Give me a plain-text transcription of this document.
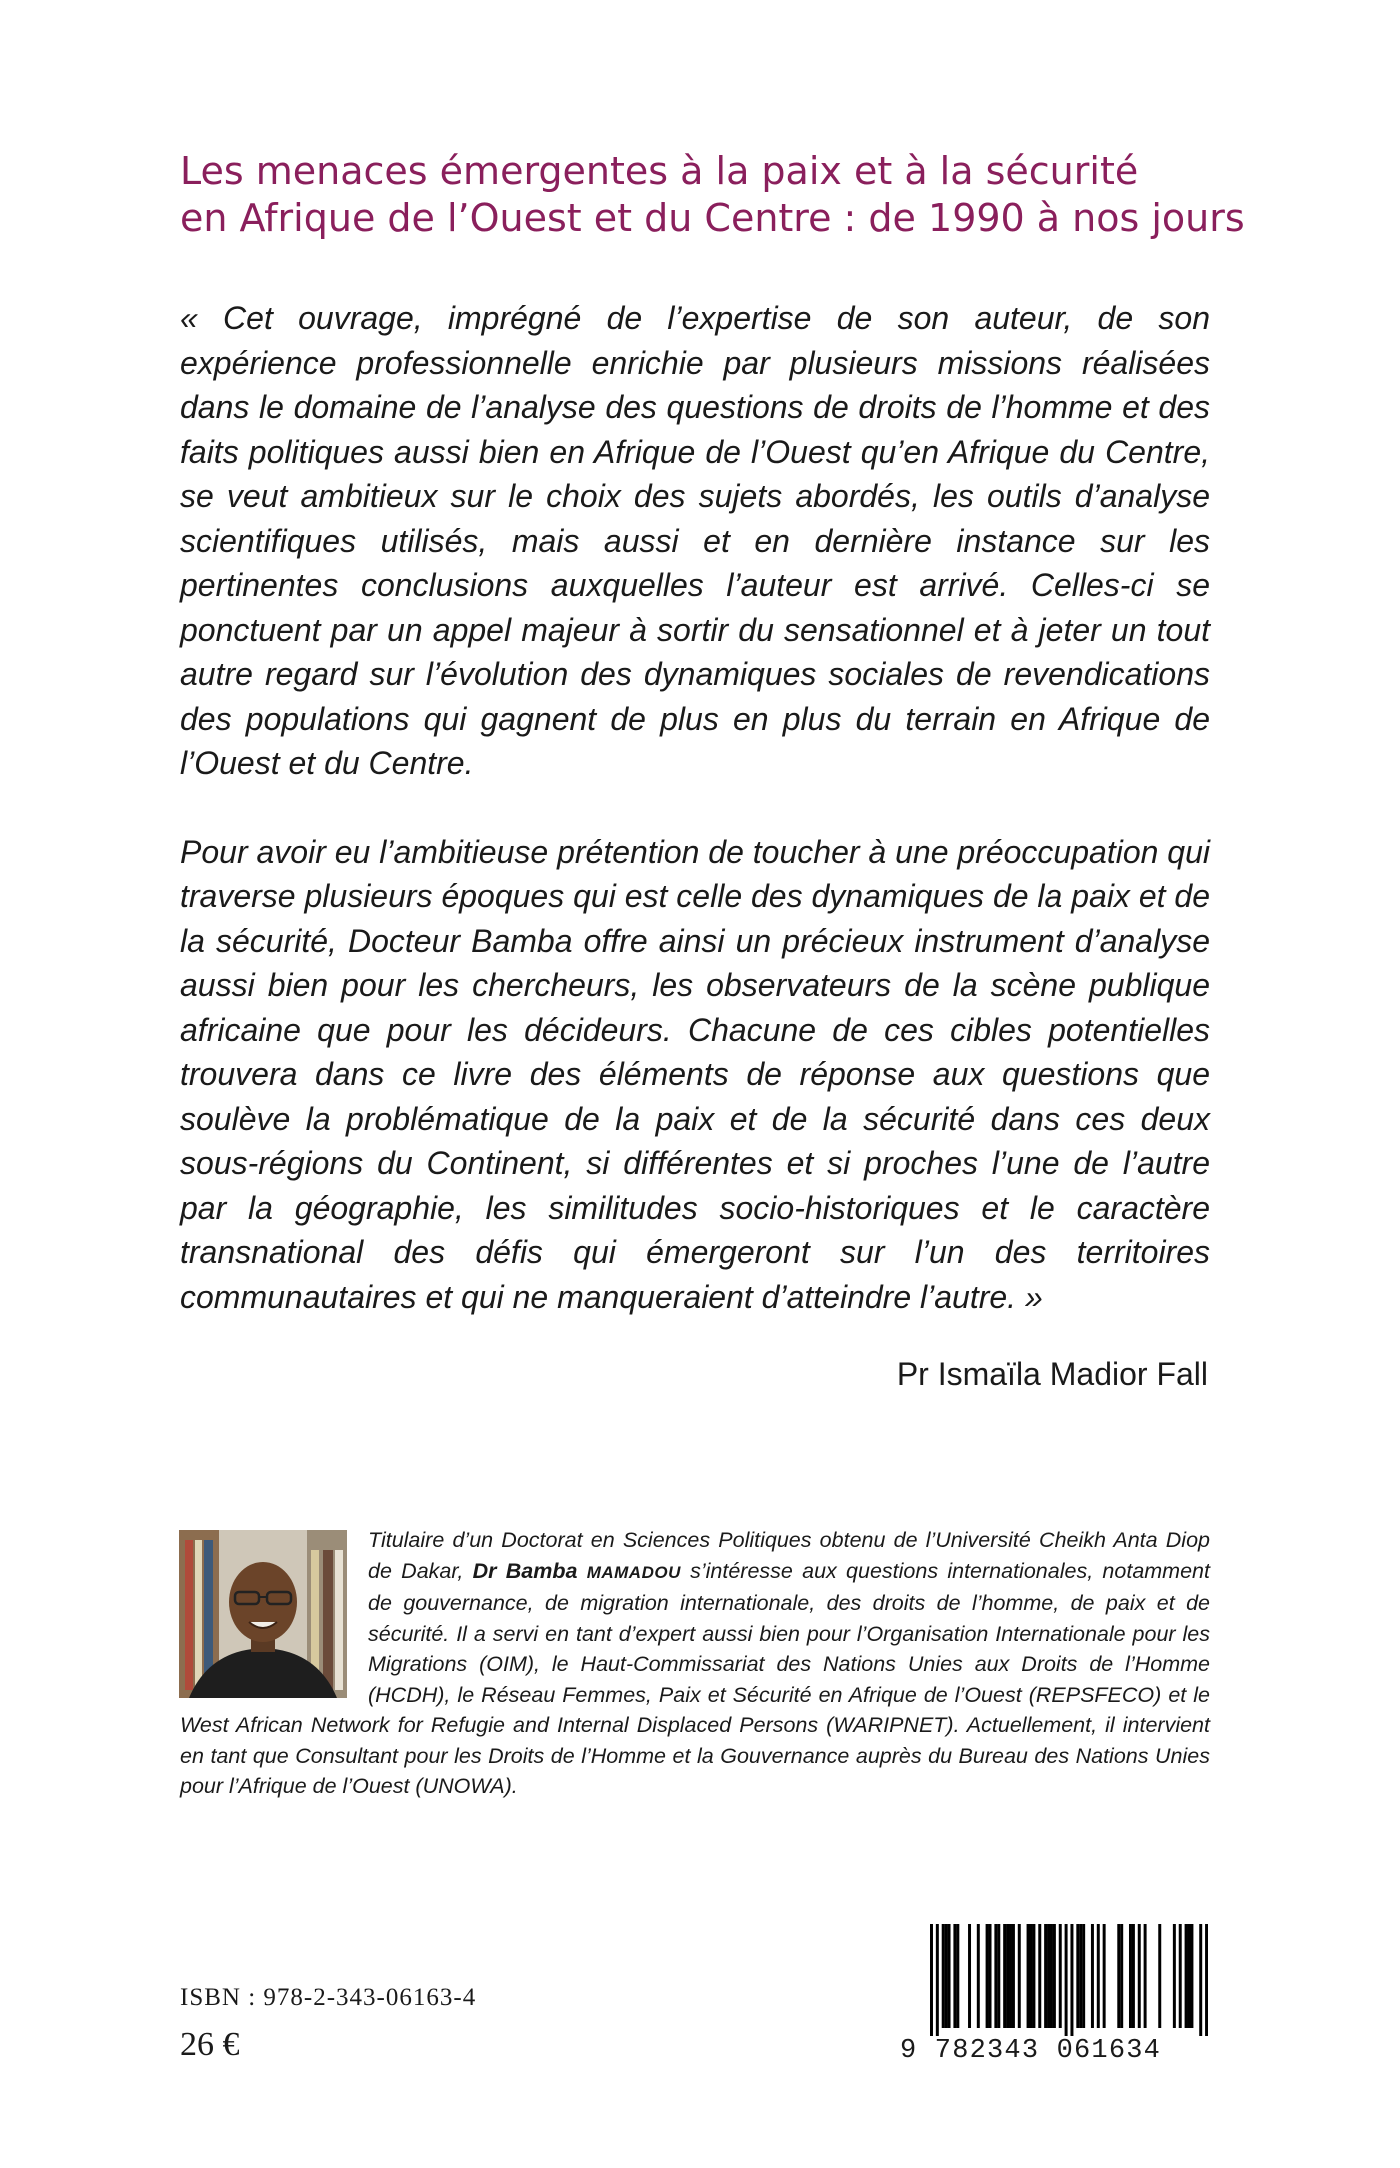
Les menaces émergentes à la paix et à la sécurité
en Afrique de l’Ouest et du Centre : de 1990 à nos jours

« Cet ouvrage, imprégné de l’expertise de son auteur, de son expérience professionnelle enrichie par plusieurs missions réalisées dans le domaine de l’analyse des questions de droits de l’homme et des faits politiques aussi bien en Afrique de l’Ouest qu’en Afrique du Centre, se veut ambitieux sur le choix des sujets abordés, les outils d’analyse scientifiques utilisés, mais aussi et en dernière instance sur les pertinentes conclusions auxquelles l’auteur est arrivé. Celles-ci se ponctuent par un appel majeur à sortir du sensationnel et à jeter un tout autre regard sur l’évolution des dynamiques sociales de revendications des populations qui gagnent de plus en plus du terrain en Afrique de l’Ouest et du Centre.

Pour avoir eu l’ambitieuse prétention de toucher à une préoccupation qui traverse plusieurs époques qui est celle des dynamiques de la paix et de la sécurité, Docteur Bamba offre ainsi un précieux instrument d’analyse aussi bien pour les chercheurs, les observateurs de la scène publique africaine que pour les décideurs. Chacune de ces cibles potentielles trouvera dans ce livre des éléments de réponse aux questions que soulève la problématique de la paix et de la sécurité dans ces deux sous-régions du Continent, si différentes et si proches l’une de l’autre par la géographie, les similitudes socio-historiques et le caractère transnational des défis qui émergeront sur l’un des territoires communautaires et qui ne manqueraient d’atteindre l’autre. »

Pr Ismaïla Madior Fall

Titulaire d’un Doctorat en Sciences Politiques obtenu de l’Université Cheikh Anta Diop de Dakar, Dr Bamba MAMADOU s’intéresse aux questions internationales, notamment de gouvernance, de migration internationale, des droits de l’homme, de paix et de sécurité. Il a servi en tant d’expert aussi bien pour l’Organisation Internationale pour les Migrations (OIM), le Haut-Commissariat des Nations Unies aux Droits de l’Homme (HCDH), le Réseau Femmes, Paix et Sécurité en Afrique de l’Ouest (REPSFECO) et le West African Network for Refugie and Internal Displaced Persons (WARIPNET). Actuellement, il intervient en tant que Consultant pour les Droits de l’Homme et la Gouvernance auprès du Bureau des Nations Unies pour l’Afrique de l’Ouest (UNOWA).

ISBN : 978-2-343-06163-4

26 €	9 782343 061634
